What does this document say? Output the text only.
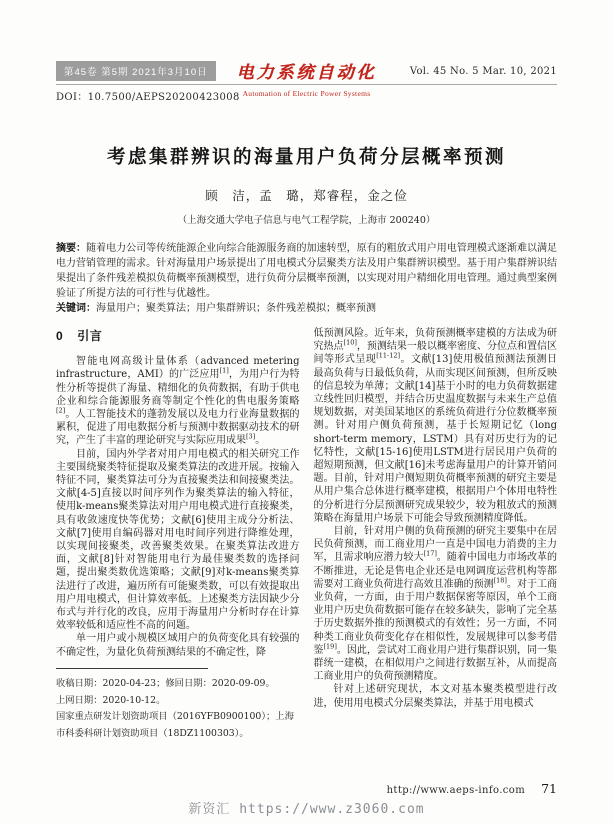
第45卷 第5期 2021年3月10日
DOI：10.7500/AEPS20200423008
电力系统自动化
Automation of Electric Power Systems
Vol. 45 No. 5 Mar. 10, 2021
考虑集群辨识的海量用户负荷分层概率预测
顾　洁，孟　璐，郑睿程，金之俭
（上海交通大学电子信息与电气工程学院，上海市 200240）
摘要：随着电力公司等传统能源企业向综合能源服务商的加速转型，原有的粗放式用户用电管理模式逐渐难以满足电力营销管理的需求。针对海量用户场景提出了用电模式分层聚类方法及用户集群辨识模型。基于用户集群辨识结果提出了条件残差模拟负荷概率预测模型，进行负荷分层概率预测，以实现对用户精细化用电管理。通过典型案例验证了所提方法的可行性与优越性。
关键词：海量用户；聚类算法；用户集群辨识；条件残差模拟；概率预测
0 引言

智能电网高级计量体系（advanced metering infrastructure，AMI）的广泛应用[1]，为用户行为特性分析等提供了海量、精细化的负荷数据，有助于供电企业和综合能源服务商等制定个性化的售电服务策略[2]。人工智能技术的蓬勃发展以及电力行业海量数据的累积，促进了用电数据分析与预测中数据驱动技术的研究，产生了丰富的理论研究与实际应用成果[3]。

目前，国内外学者对用户用电模式的相关研究工作主要围绕聚类特征提取及聚类算法的改进开展。按输入特征不同，聚类算法可分为直接聚类法和间接聚类法。文献[4-5]直接以时间序列作为聚类算法的输入特征，使用k-means聚类算法对用户用电模式进行直接聚类，具有收敛速度快等优势；文献[6]使用主成分分析法、文献[7]使用自编码器对用电时间序列进行降维处理，以实现间接聚类，改善聚类效果。在聚类算法改进方面，文献[8]针对智能用电行为最佳聚类数的选择问题，提出聚类数优选策略；文献[9]对k-means聚类算法进行了改进，遍历所有可能聚类数，可以有效提取出用户用电模式，但计算效率低。上述聚类方法因缺少分布式与并行化的改良，应用于海量用户分析时存在计算效率较低和适应性不高的问题。

单一用户或小规模区域用户的负荷变化具有较强的不确定性，为量化负荷预测结果的不确定性，降

收稿日期：2020-04-23；修回日期：2020-09-09。

上网日期：2020-10-12。

国家重点研发计划资助项目（2016YFB0900100）；上海市科委科研计划资助项目（18DZ1100303）。

低预测风险。近年来，负荷预测概率建模的方法成为研究热点[10]，预测结果一般以概率密度、分位点和置信区间等形式呈现[11-12]。文献[13]使用极值预测法预测日最高负荷与日最低负荷，从而实现区间预测，但所反映的信息较为单薄；文献[14]基于小时的电力负荷数据建立线性回归模型，并结合历史温度数据与未来生产总值规划数据，对美国某地区的系统负荷进行分位数概率预测。针对用户侧负荷预测，基于长短期记忆（long short-term memory，LSTM）具有对历史行为的记忆特性，文献[15-16]使用LSTM进行居民用户负荷的超短期预测，但文献[16]未考虑海量用户的计算开销问题。目前，针对用户侧短期负荷概率预测的研究主要是从用户集合总体进行概率建模，根据用户个体用电特性的分析进行分层预测研究成果较少，较为粗放式的预测策略在海量用户场景下可能会导致预测精度降低。

目前，针对用户侧的负荷预测的研究主要集中在居民负荷预测，而工商业用户一直是中国电力消费的主力军，且需求响应潜力较大[17]。随着中国电力市场改革的不断推进，无论是售电企业还是电网调度运营机构等都需要对工商业负荷进行高效且准确的预测[18]。对于工商业负荷，一方面，由于用户数据保密等原因，单个工商业用户历史负荷数据可能存在较多缺失，影响了完全基于历史数据外推的预测模式的有效性；另一方面，不同种类工商业负荷变化存在相似性，发展规律可以参考借鉴[19]。因此，尝试对工商业用户进行集群识别，同一集群统一建模，在相似用户之间进行数据互补，从而提高工商业用户的负荷预测精度。

针对上述研究现状，本文对基本聚类模型进行改进，使用用电模式分层聚类算法，并基于用电模式

http://www.aeps-info.com 71
新资汇 https://www.z3060.com
